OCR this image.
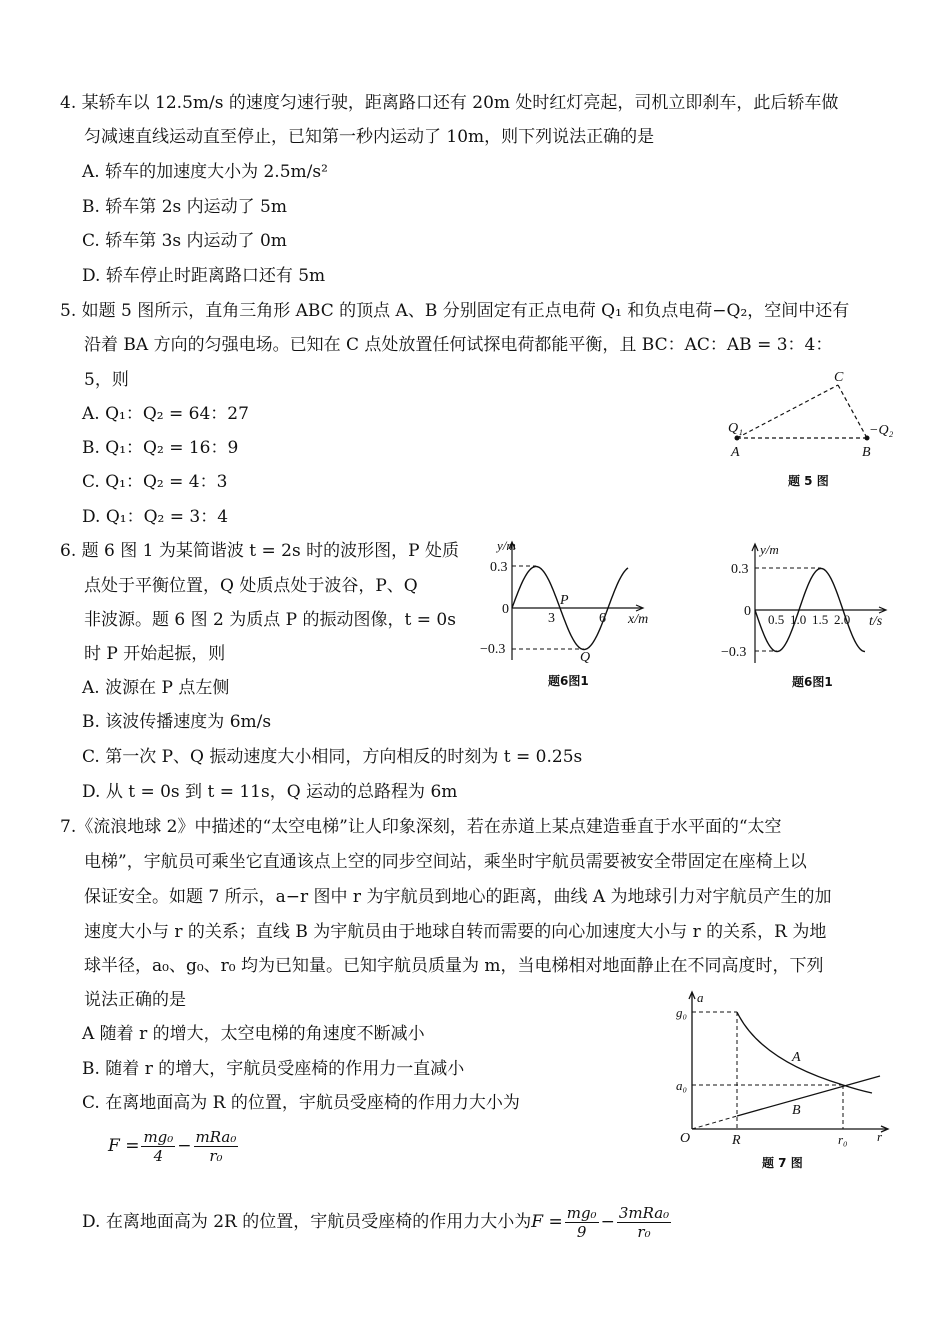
4. 某轿车以 12.5m/s 的速度匀速行驶，距离路口还有 20m 处时红灯亮起，司机立即刹车，此后轿车做
匀减速直线运动直至停止，已知第一秒内运动了 10m，则下列说法正确的是
A. 轿车的加速度大小为 2.5m/s²
B. 轿车第 2s 内运动了 5m
C. 轿车第 3s 内运动了 0m
D. 轿车停止时距离路口还有 5m
5. 如题 5 图所示，直角三角形 ABC 的顶点 A、B 分别固定有正点电荷 Q₁ 和负点电荷−Q₂，空间中还有
沿着 BA 方向的匀强电场。已知在 C 点处放置任何试探电荷都能平衡，且 BC：AC：AB = 3：4：
5，则
A. Q₁：Q₂ = 64：27
B. Q₁：Q₂ = 16：9
C. Q₁：Q₂ = 4：3
D. Q₁：Q₂ = 3：4
C
Q₁	−Q₂
A	B
题 5 图
y/m
0.3
0
−0.3
3	6 x/m
P
Q
题6图1
y/m
0.3
0
−0.3
0.5 1.0 1.5 2.0 t/s
题6图1
g₀
a₀
a
O	R	r₀ r
A
B
题 7 图
6. 题 6 图 1 为某简谐波 t = 2s 时的波形图，P 处质
点处于平衡位置，Q 处质点处于波谷，P、Q
非波源。题 6 图 2 为质点 P 的振动图像，t = 0s
时 P 开始起振，则
A. 波源在 P 点左侧
B. 该波传播速度为 6m/s
C. 第一次 P、Q 振动速度大小相同，方向相反的时刻为 t = 0.25s
D. 从 t = 0s 到 t = 11s，Q 运动的总路程为 6m
7.《流浪地球 2》中描述的“太空电梯”让人印象深刻，若在赤道上某点建造垂直于水平面的“太空
电梯”，宇航员可乘坐它直通该点上空的同步空间站，乘坐时宇航员需要被安全带固定在座椅上以
保证安全。如题 7 所示，a−r 图中 r 为宇航员到地心的距离，曲线 A 为地球引力对宇航员产生的加
速度大小与 r 的关系；直线 B 为宇航员由于地球自转而需要的向心加速度大小与 r 的关系，R 为地
球半径，a₀、g₀、r₀ 均为已知量。已知宇航员质量为 m，当电梯相对地面静止在不同高度时，下列
说法正确的是
A 随着 r 的增大，太空电梯的角速度不断减小
B. 随着 r 的增大，宇航员受座椅的作用力一直减小
C. 在离地面高为 R 的位置，宇航员受座椅的作用力大小为
$F = \frac{\text{mg₀}}{4} - \frac{\text{mRa₀}}{\text{r₀}}$
D. 在离地面高为 2R 的位置，宇航员受座椅的作用力大小为$F = \frac{\text{mg₀}}{9} - \frac{\text{3mRa₀}}{\text{r₀}}$
